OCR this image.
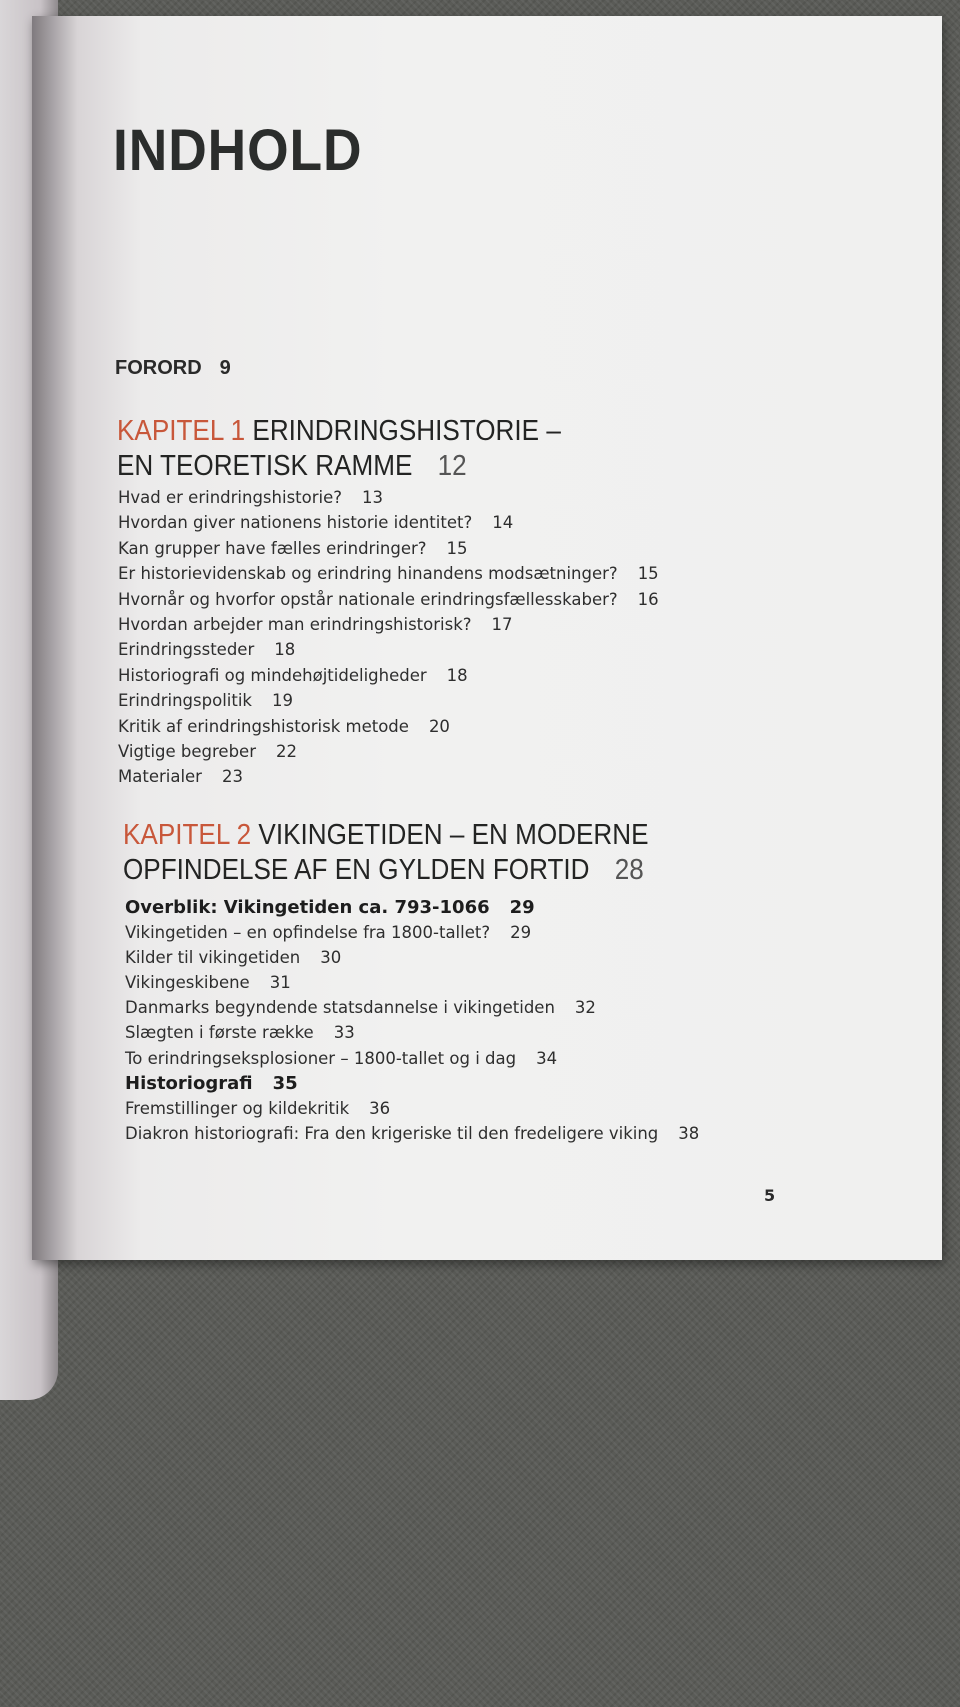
INDHOLD
FORORD 9
KAPITEL 1 ERINDRINGSHISTORIE –
EN TEORETISK RAMME 12
Hvad er erindringshistorie? 13
Hvordan giver nationens historie identitet? 14
Kan grupper have fælles erindringer? 15
Er historievidenskab og erindring hinandens modsætninger? 15
Hvornår og hvorfor opstår nationale erindringsfællesskaber? 16
Hvordan arbejder man erindringshistorisk? 17
Erindringssteder 18
Historiografi og mindehøjtideligheder 18
Erindringspolitik 19
Kritik af erindringshistorisk metode 20
Vigtige begreber 22
Materialer 23
KAPITEL 2 VIKINGETIDEN – EN MODERNE
OPFINDELSE AF EN GYLDEN FORTID 28
Overblik: Vikingetiden ca. 793-1066 29
Vikingetiden – en opfindelse fra 1800-tallet? 29
Kilder til vikingetiden 30
Vikingeskibene 31
Danmarks begyndende statsdannelse i vikingetiden 32
Slægten i første række 33
To erindringseksplosioner – 1800-tallet og i dag 34
Historiografi 35
Fremstillinger og kildekritik 36
Diakron historiografi: Fra den krigeriske til den fredeligere viking 38
5
